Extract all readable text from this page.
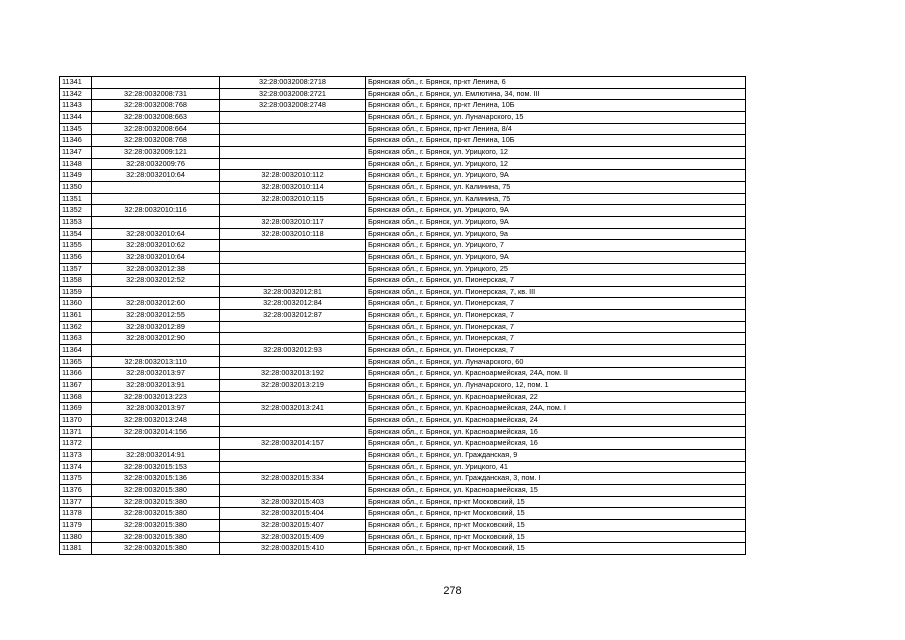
11341		32:28:0032008:2718	Брянская обл., г. Брянск, пр-кт Ленина, 6
11342	32:28:0032008:731	32:28:0032008:2721	Брянская обл., г. Брянск, ул. Емлютина, 34, пом. III
11343	32:28:0032008:768	32:28:0032008:2748	Брянская обл., г. Брянск, пр-кт Ленина, 10Б
11344	32:28:0032008:663		Брянская обл., г. Брянск, ул. Луначарского, 15
11345	32:28:0032008:664		Брянская обл., г. Брянск, пр-кт Ленина, 8/4
11346	32:28:0032008:768		Брянская обл., г. Брянск, пр-кт Ленина, 10Б
11347	32:28:0032009:121		Брянская обл., г. Брянск, ул. Урицкого, 12
11348	32:28:0032009:76		Брянская обл., г. Брянск, ул. Урицкого, 12
11349	32:28:0032010:64	32:28:0032010:112	Брянская обл., г. Брянск, ул. Урицкого, 9А
11350		32:28:0032010:114	Брянская обл., г. Брянск, ул. Калинина, 75
11351		32:28:0032010:115	Брянская обл., г. Брянск, ул. Калинина, 75
11352	32:28:0032010:116		Брянская обл., г. Брянск, ул. Урицкого, 9А
11353		32:28:0032010:117	Брянская обл., г. Брянск, ул. Урицкого, 9А
11354	32:28:0032010:64	32:28:0032010:118	Брянская обл., г. Брянск, ул. Урицкого, 9а
11355	32:28:0032010:62		Брянская обл., г. Брянск, ул. Урицкого, 7
11356	32:28:0032010:64		Брянская обл., г. Брянск, ул. Урицкого, 9А
11357	32:28:0032012:38		Брянская обл., г. Брянск, ул. Урицкого, 25
11358	32:28:0032012:52		Брянская обл., г. Брянск, ул. Пионерская, 7
11359		32:28:0032012:81	Брянская обл., г. Брянск, ул. Пионерская, 7, кв. III
11360	32:28:0032012:60	32:28:0032012:84	Брянская обл., г. Брянск, ул. Пионерская, 7
11361	32:28:0032012:55	32:28:0032012:87	Брянская обл., г. Брянск, ул. Пионерская, 7
11362	32:28:0032012:89		Брянская обл., г. Брянск, ул. Пионерская, 7
11363	32:28:0032012:90		Брянская обл., г. Брянск, ул. Пионерская, 7
11364		32:28:0032012:93	Брянская обл., г. Брянск, ул. Пионерская, 7
11365	32:28:0032013:110		Брянская обл., г. Брянск, ул. Луначарского, 60
11366	32:28:0032013:97	32:28:0032013:192	Брянская обл., г. Брянск, ул. Красноармейская, 24А, пом. II
11367	32:28:0032013:91	32:28:0032013:219	Брянская обл., г. Брянск, ул. Луначарского, 12, пом. 1
11368	32:28:0032013:223		Брянская обл., г. Брянск, ул. Красноармейская, 22
11369	32:28:0032013:97	32:28:0032013:241	Брянская обл., г. Брянск, ул. Красноармейская, 24А, пом. I
11370	32:28:0032013:248		Брянская обл., г. Брянск, ул. Красноармейская, 24
11371	32:28:0032014:156		Брянская обл., г. Брянск, ул. Красноармейская, 16
11372		32:28:0032014:157	Брянская обл., г. Брянск, ул. Красноармейская, 16
11373	32:28:0032014:91		Брянская обл., г. Брянск, ул. Гражданская, 9
11374	32:28:0032015:153		Брянская обл., г. Брянск, ул. Урицкого, 41
11375	32:28:0032015:136	32:28:0032015:334	Брянская обл., г. Брянск, ул. Гражданская, 3, пом. I
11376	32:28:0032015:380		Брянская обл., г. Брянск, ул. Красноармейская, 15
11377	32:28:0032015:380	32:28:0032015:403	Брянская обл., г. Брянск, пр-кт Московский, 15
11378	32:28:0032015:380	32:28:0032015:404	Брянская обл., г. Брянск, пр-кт Московский, 15
11379	32:28:0032015:380	32:28:0032015:407	Брянская обл., г. Брянск, пр-кт Московский, 15
11380	32:28:0032015:380	32:28:0032015:409	Брянская обл., г. Брянск, пр-кт Московский, 15
11381	32:28:0032015:380	32:28:0032015:410	Брянская обл., г. Брянск, пр-кт Московский, 15
278
